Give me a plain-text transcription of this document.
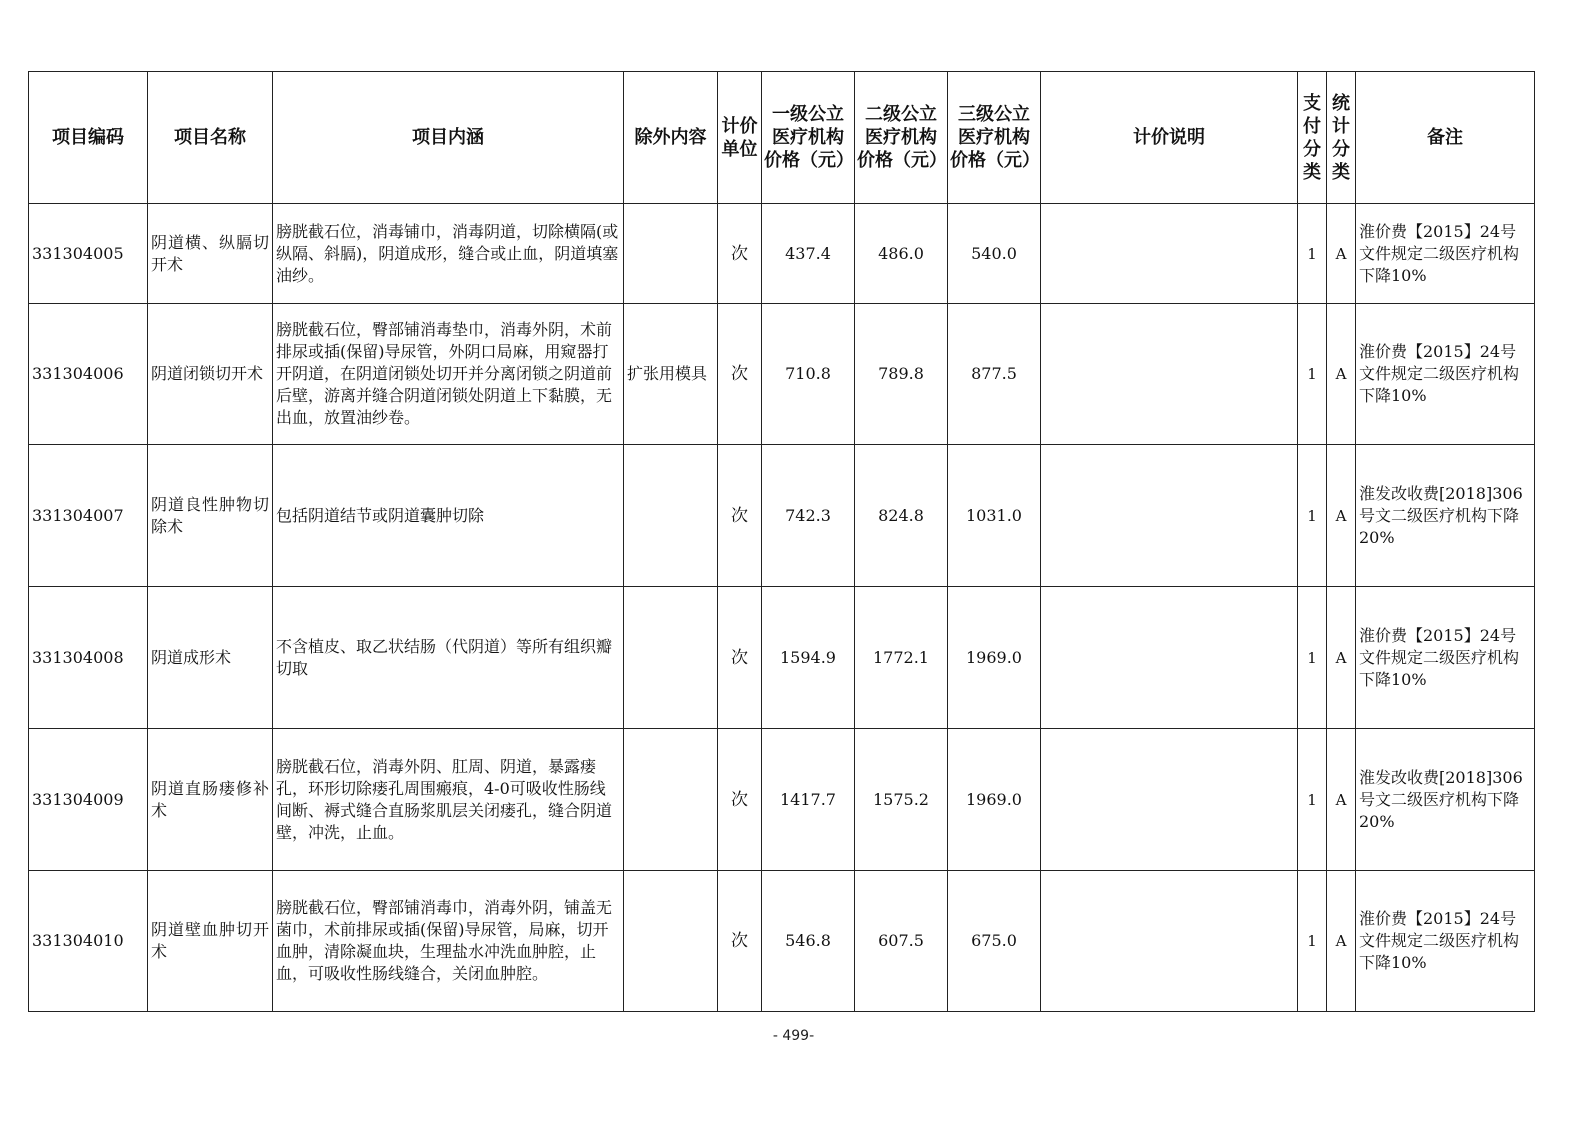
项目编码	项目名称	项目内涵	除外内容	计价单位	一级公立医疗机构价格（元）	二级公立医疗机构价格（元）	三级公立医疗机构价格（元）	计价说明	支付分类	统计分类	备注
331304005	阴道横、纵膈切开术	膀胱截石位，消毒铺巾，消毒阴道，切除横隔(或纵隔、斜膈)，阴道成形，缝合或止血，阴道填塞油纱。		次	437.4	486.0	540.0		1	A	淮价费【2015】24号文件规定二级医疗机构下降10%
331304006	阴道闭锁切开术	膀胱截石位，臀部铺消毒垫巾，消毒外阴，术前排尿或插(保留)导尿管，外阴口局麻，用窥器打开阴道，在阴道闭锁处切开并分离闭锁之阴道前后壁，游离并缝合阴道闭锁处阴道上下黏膜，无出血，放置油纱卷。	扩张用模具	次	710.8	789.8	877.5		1	A	淮价费【2015】24号文件规定二级医疗机构下降10%
331304007	阴道良性肿物切除术	包括阴道结节或阴道囊肿切除		次	742.3	824.8	1031.0		1	A	淮发改收费[2018]306号文二级医疗机构下降20%
331304008	阴道成形术	不含植皮、取乙状结肠（代阴道）等所有组织瓣切取		次	1594.9	1772.1	1969.0		1	A	淮价费【2015】24号文件规定二级医疗机构下降10%
331304009	阴道直肠瘘修补术	膀胱截石位，消毒外阴、肛周、阴道，暴露瘘孔，环形切除瘘孔周围瘢痕，4-0可吸收性肠线间断、褥式缝合直肠浆肌层关闭瘘孔，缝合阴道壁，冲洗，止血。		次	1417.7	1575.2	1969.0		1	A	淮发改收费[2018]306号文二级医疗机构下降20%
331304010	阴道壁血肿切开术	膀胱截石位，臀部铺消毒巾，消毒外阴，铺盖无菌巾，术前排尿或插(保留)导尿管，局麻，切开血肿，清除凝血块，生理盐水冲洗血肿腔，止血，可吸收性肠线缝合，关闭血肿腔。		次	546.8	607.5	675.0		1	A	淮价费【2015】24号文件规定二级医疗机构下降10%
- 499-
